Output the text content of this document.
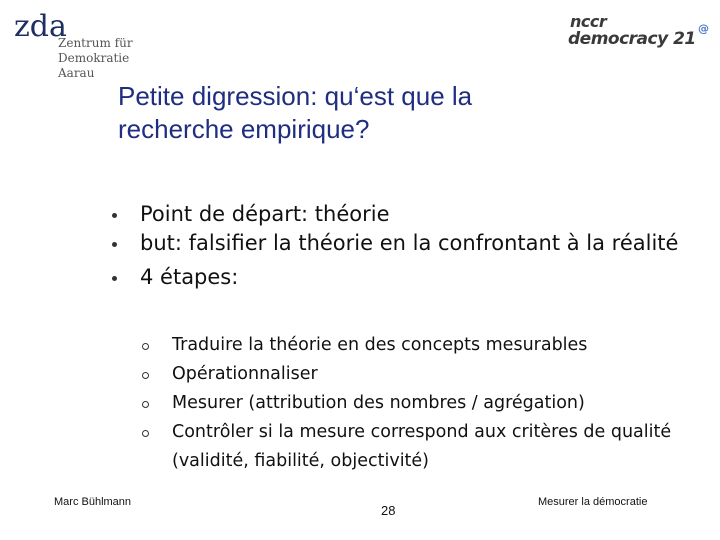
zda
Zentrum für
Demokratie
Aarau
nccr
democracy 21
@
Petite digression: qu‘est que la
recherche empirique?
Point de départ: théorie
but: falsifier la théorie en la confrontant à la réalité
4 étapes:
Traduire la théorie en des concepts mesurables
Opérationnaliser
Mesurer (attribution des nombres / agrégation)
Contrôler si la mesure correspond aux critères de qualité (validité, fiabilité, objectivité)
Marc Bühlmann
28
Mesurer la démocratie
